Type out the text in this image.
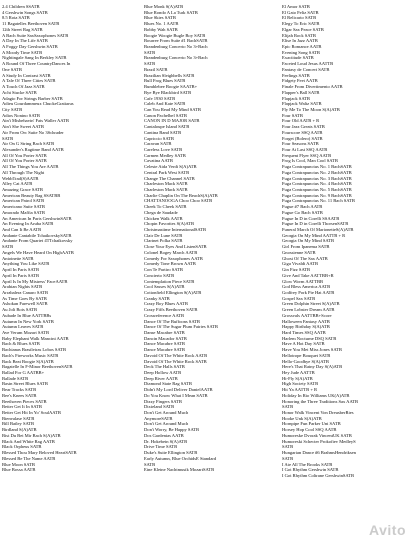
2.4 Children SSATB
4 Gershwin Songs SATB
8.5 Rota SATB
11 Bagatelles Beethoven SATB
12th Street Rag SATB
A Bach Suite SaxSaxophones SATB
A Day In The Life SATB
A Foggy Day Gershwin SATB
A Moody Time SATB
Nightingale Sang In Berkley SATB
A Round Of Three CountryDances In
One SATB
A Study In Contrast SATB
A Tale Of Three Cities SATB
A Touch Of Jazz SATB
Acht Stucke SATB
Adagio For Strings Barber SATB
Adieu Gourdammeux ChuckeGratiarus
City SATB
Adios Nonino SATB
Ain't Misbehavin' Fats Waller AATB
Ain't She Sweet AATB
Air From Orc Suite No 3Schrader
SATB
Air On G String Bach SATB
Alexander's Ragtime Band AATB
All Of You Porter SATB
All Of You Porter SATB
All The Things You Are AATB
All Through The Night
WebbTrad(S)AATB
Alley Cat AATB
Amazing Grace SATB
American Beauty Rag SSATBB
American Patrol SATB
Americano Suite SATB
Amorado Maffia SATB
An American In Paris GershwinSATB
An Evening In Aruba SATB
And Can It Be AATB
Andante Cantabile TchaikovskySATB
Andante From Quartet 4TTchaikovsky
SATB
Angels We Have Heard On HighAATB
Antoinette SATB
Anything You Like SATB
April In Paris SATB
April In Paris SATB
April Is In My Mistress' FaceAATB
Arabian Nights SATB
Arrabalera Canaro SATB
As Time Goes By SATB
Ashokan Farewell SATB
Au Joli Bois SATB
Aubade In Blue AATTBBs
Autumn In New York SATB
Autumn Leaves SATB
Ave Verum Mozart SATB
Baby Elephant Walk Mancini AATB
Bach & Blues SATB
Bachianas Brasileiras Lobos SATB
Bach's Fireworks Music SATB
Back Beat Boogie S(A)ATB
Bagatelle In F-Minor BeethovenSATB
Ballad For G AATBB+
Ballade SATB
Basin Street Blues SATB
Bear Tracks SATB
Bee's Knees SATB
Beethoven Pieces SATB
Better Get It In SATB
Better Get Hit In Yo' SoulAATB
Bienvalase SATB
Bill Bailey SATB
Birdland S(A)ATB
Bist Du Bei Mir Bach S(A)ATB
Black And White Rag AATB
Black Orpheus SATB
Blessed Thou Mary Beloved HeartSATB
Blessed Be The Name AATB
Blue Moon SATB
Blue Bossa AATB
Blue Monk S(A)ATB
Blue Rondo A La Turk SATB
Blue Skies SATB
Blues No. 1 AATB
Bobby Wah SATB
Boogie Woogie Bugle Boy SATB
Bourree From Suite #1 BachSATB
Brandenburg Concerto No 3+Bach
SATB
Brandenburg Concerto No 3+Bach
SATB
Brazil SATB
Brazilian Sleighbells SATB
Bull Frog Blues SATB
Bumblebee Boogie SAATB+
Bye Bye Blackbird SATB
Cafe 1930 SATB
Caleb And Kate SATB
Can You Read My Mind SATB
Canon Pachelbel SATB
CANON IN D MAJOR SATB
Cantaloupe Island SATB
Cantina Band SATB
Capriccio SATB
Caravan SATB
Careless Love SATB
Carmen Medley SATB
Cavatina AATB
Celeste Aida Verdi S(A)ATB
Central Park West SATB
Change The Channel SATB
Charleston Mack SATB
Charleston Mack SATB
Charlie Chaplin On The BeachS(A)ATB
CHATTANOOGA Choo Choo SATB
Cheek To Cheek SATB
Chega de Saudade
Chicken Walk AATB
Chopin Favorites S(A)ATB
Christmastime InternationalSATB
Clair De Lune SATB
Clarinet Polka SATB
Close Your Eyes And ListenSATB
Colonel Bogey March AATB
Comedy For Saxophones AATB
Comedy Tone Brown AATB
Con Te Partiro SATB
Concierto SATB
Contemplation Piece SATB
Cool Sasses S(A)ATB
Cottonfield Ellington S(A)ATB
Cranky SATB
Crazy Boy Blues AATB
Crazy Fiffs Beethoven SATB
Crossreference AATB
Dance Of The Buffoons SATB
Dance Of The Sugar Plum Fairies SATB
Danse Macabre SATB
Dancin Macador SATB
Dance Macabre SATB
Dance Macabre SATB
Davoid Of The White Rock AATB
Davoid Of The White Rock SATB
Deck The Halls SATB
Deep Hollow AATB
Deep River AATB
Diamond State Rag SATB
Didn't My Lord Deliver DanielAATB
Do You Know What I Mean SATB
Dizzy Fingers SATB
Dixieland SATB
Don't Get Around Much
AnymoreSATB
Don't Get Around Much
Don't Worry, Be Happy SATB
Dos Gardenias AATB
Dr. Hokebein S(A)ATB
Drive Time SATB
Duke's Suite Ellington SATB
Early Autumn, Blue OrchidsE Standard
SATB
Eine Kleine Nachtmusik MozartSATB
El Amor SATB
El Gato Feliz SATB
El Relicario SATB
Elegy To Eric SATB
Elgar Sax Peace SATB
Elijah Rock SATB
Elise In Jazz AATB
Epic Romance AATB
Evening Song SATB
Exactitude SATB
Faceted Loud Jesus AATTB
Fantasy de Concert SATB
Feelings SATB
Fidgety Feet AATB
Finale From Divertimento AATB
Flapper's Ball SATB
Flapjack SATB
Flapjack Waltz SATB
Fly Me To The Moon S(A)ATB
Four SATB
Four Old AATB + R
Four Jazz Greats SATB
Fourscore SSQ AATB
Forget (Bolero) SATB
Four Seasons SATB
Four At Last SSQ AATB
Frequent Flyer SSQ AATB
Frog Is Cool, Man Cool SATB
Fuga Contrapunctus No. 1 BachSATB
Fuga Contrapunctus No. 2 BachSATB
Fuga Contrapunctus No. 3 BachSATB
Fuga Contrapunctus No. 4 BachSATB
Fuga Contrapunctus No. 5 BachSATB
Fuga Contrapunctus No. 9 BachSATB
Fuga Contrapunctus No. 11 Bach SATB
Fugue #7 Bach AATB
Fugue Go Bach SATB
Fugue In D in Corelli SSAATB
Fugue In D in Corelli ThorsenSATB
Funeral March Of MarionetteS(A)ATB
Georgia On My Mind AATTB + R
Georgia On My Mind SATB
Girl From Ipanema SATB
Gnossienne SATB
Ghost Of The Sax AATB
Giga Vivaldi AATB
Gin Fizz SATB
Give And Take AATTBB+R
Glow Worm AATTBB
God Bless America AATB
Godfrey Pork Pie Hat AATB
Gospel Sax SATB
Green Dolphin Street S(A)ATB
Green Lobster Dream AATB
Grossvals AATTBB+Score
Halloween Fantasy AATB
Happy Birthday S(A)ATB
Hard Times SSQ AATB
Harlem Nocturne DSQ SATB
Have A Hot Day SATB
Have You Met Miss Jones SATB
Hellotrope Bouquet SATB
Hello-Goodbye S(A)ATB
Here's That Rainy Day S(A)ATB
Hey Jude AATTB
Hi-Fly S(A)ATB
High Society SATB
Hit Ya AATTB + R
Holiday In Rio Williams UK(A)ATB
Honoring the Three Traditions Sax AATB
SATB
Honor Walk Vincent Von DreusberRies
Hooke Unk S(A)ATB
Hornpipe Fun Parker Uni SATB
Horsey Hop Cool SSQ AATB
Humoreske Dvorak VincentUK SATB
Humoreski Schecter Prokofiev MedleyS
SATB
Hungarian Dance #6 BrahmsHendriksen
SATB
I Ate All The Brooks SATB
I Got Rhythm Gershwin SATB
I Got Rhythm Coltrane GershwinSATB
Avito
